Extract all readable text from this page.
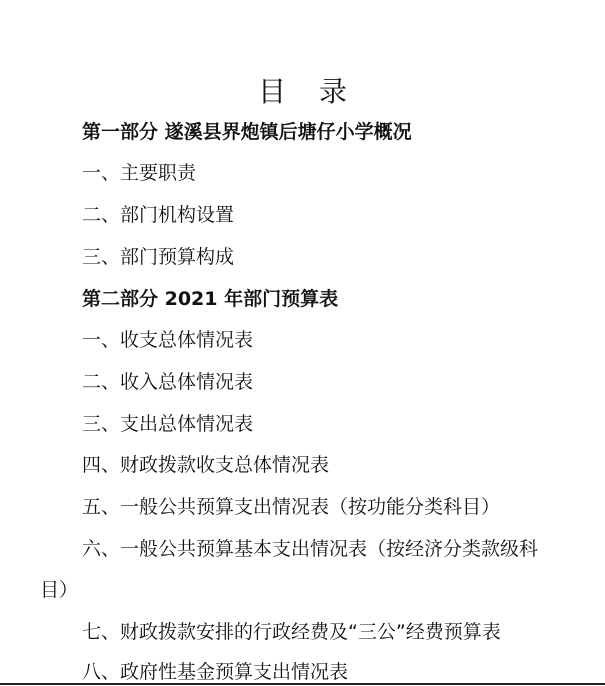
目 录
第一部分 遂溪县界炮镇后塘仔小学概况
一、主要职责
二、部门机构设置
三、部门预算构成
第二部分 2021 年部门预算表
一、收支总体情况表
二、收入总体情况表
三、支出总体情况表
四、财政拨款收支总体情况表
五、一般公共预算支出情况表（按功能分类科目）
六、一般公共预算基本支出情况表（按经济分类款级科
目）
七、财政拨款安排的行政经费及“三公”经费预算表
八、政府性基金预算支出情况表
